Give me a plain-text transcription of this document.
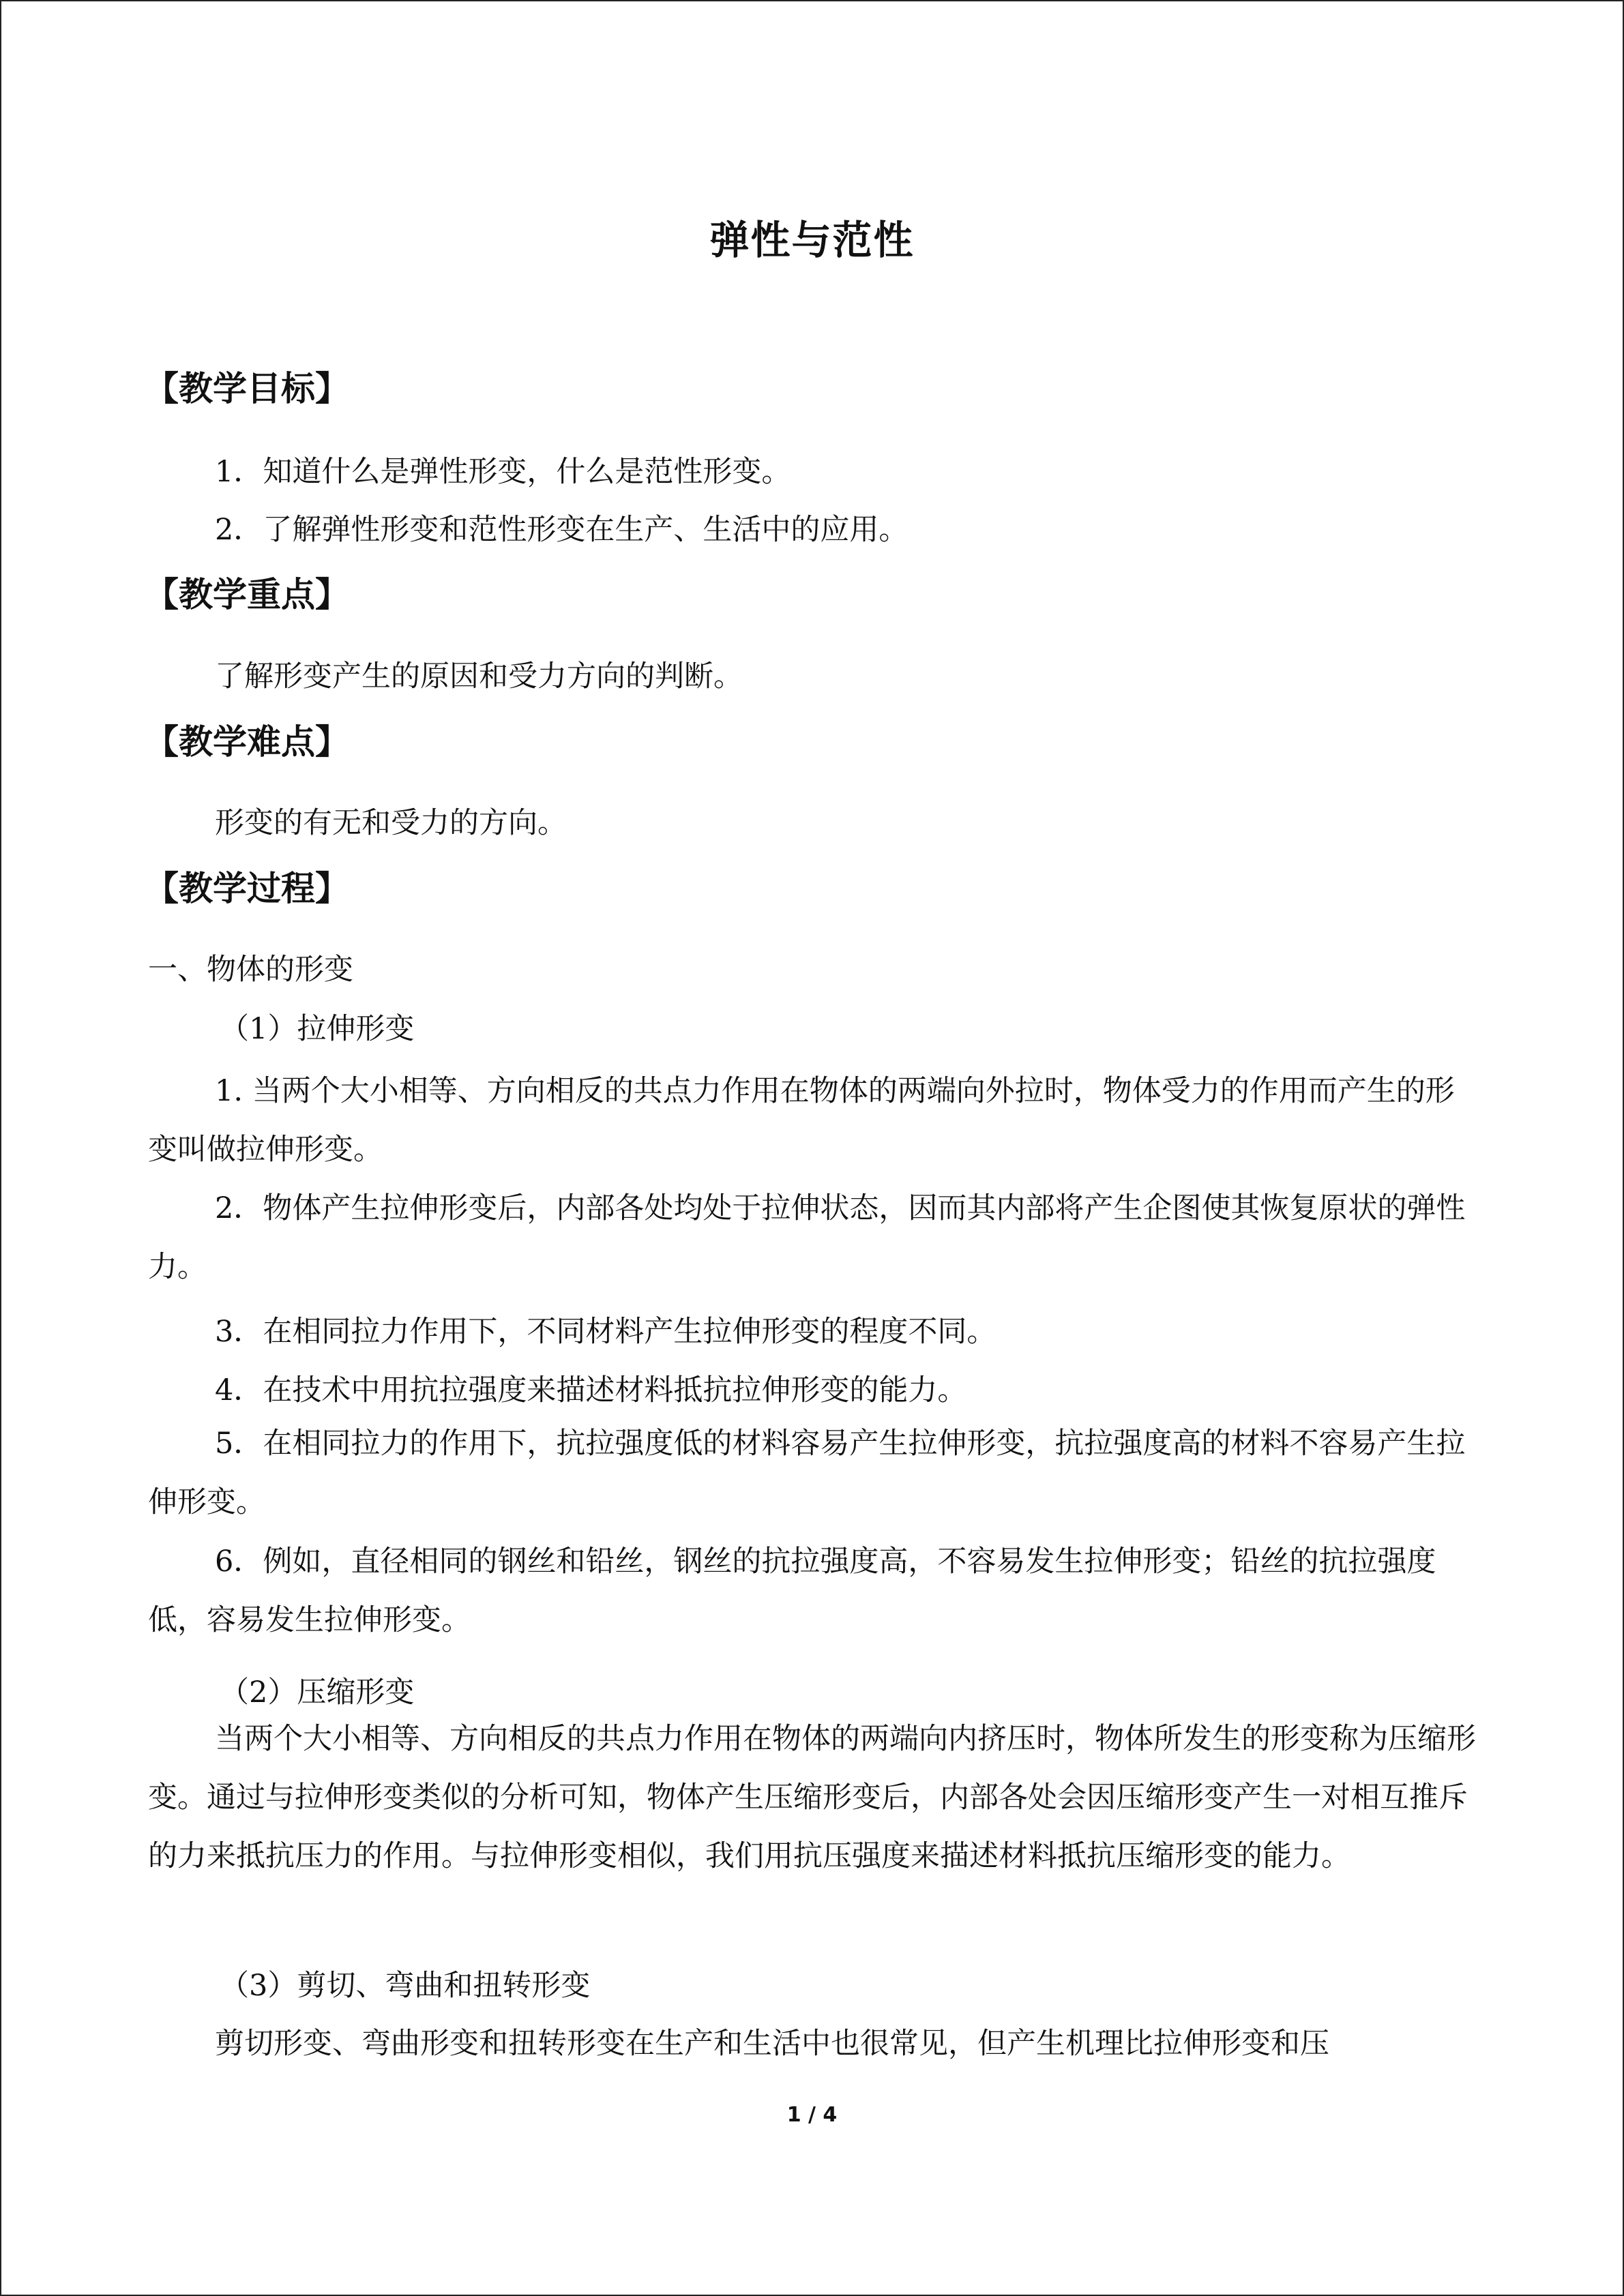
弹性与范性
【教学目标】
1．知道什么是弹性形变，什么是范性形变。
2．了解弹性形变和范性形变在生产、生活中的应用。
【教学重点】
了解形变产生的原因和受力方向的判断。
【教学难点】
形变的有无和受力的方向。
【教学过程】
一、物体的形变
（1）拉伸形变
1. 当两个大小相等、方向相反的共点力作用在物体的两端向外拉时，物体受力的作用而产生的形变叫做拉伸形变。
2．物体产生拉伸形变后，内部各处均处于拉伸状态，因而其内部将产生企图使其恢复原状的弹性力。
3．在相同拉力作用下，不同材料产生拉伸形变的程度不同。
4．在技术中用抗拉强度来描述材料抵抗拉伸形变的能力。
5．在相同拉力的作用下，抗拉强度低的材料容易产生拉伸形变，抗拉强度高的材料不容易产生拉伸形变。
6．例如，直径相同的钢丝和铅丝，钢丝的抗拉强度高，不容易发生拉伸形变；铅丝的抗拉强度低，容易发生拉伸形变。
（2）压缩形变
当两个大小相等、方向相反的共点力作用在物体的两端向内挤压时，物体所发生的形变称为压缩形变。通过与拉伸形变类似的分析可知，物体产生压缩形变后，内部各处会因压缩形变产生一对相互推斥的力来抵抗压力的作用。与拉伸形变相似，我们用抗压强度来描述材料抵抗压缩形变的能力。
（3）剪切、弯曲和扭转形变
剪切形变、弯曲形变和扭转形变在生产和生活中也很常见，但产生机理比拉伸形变和压
1 / 4
